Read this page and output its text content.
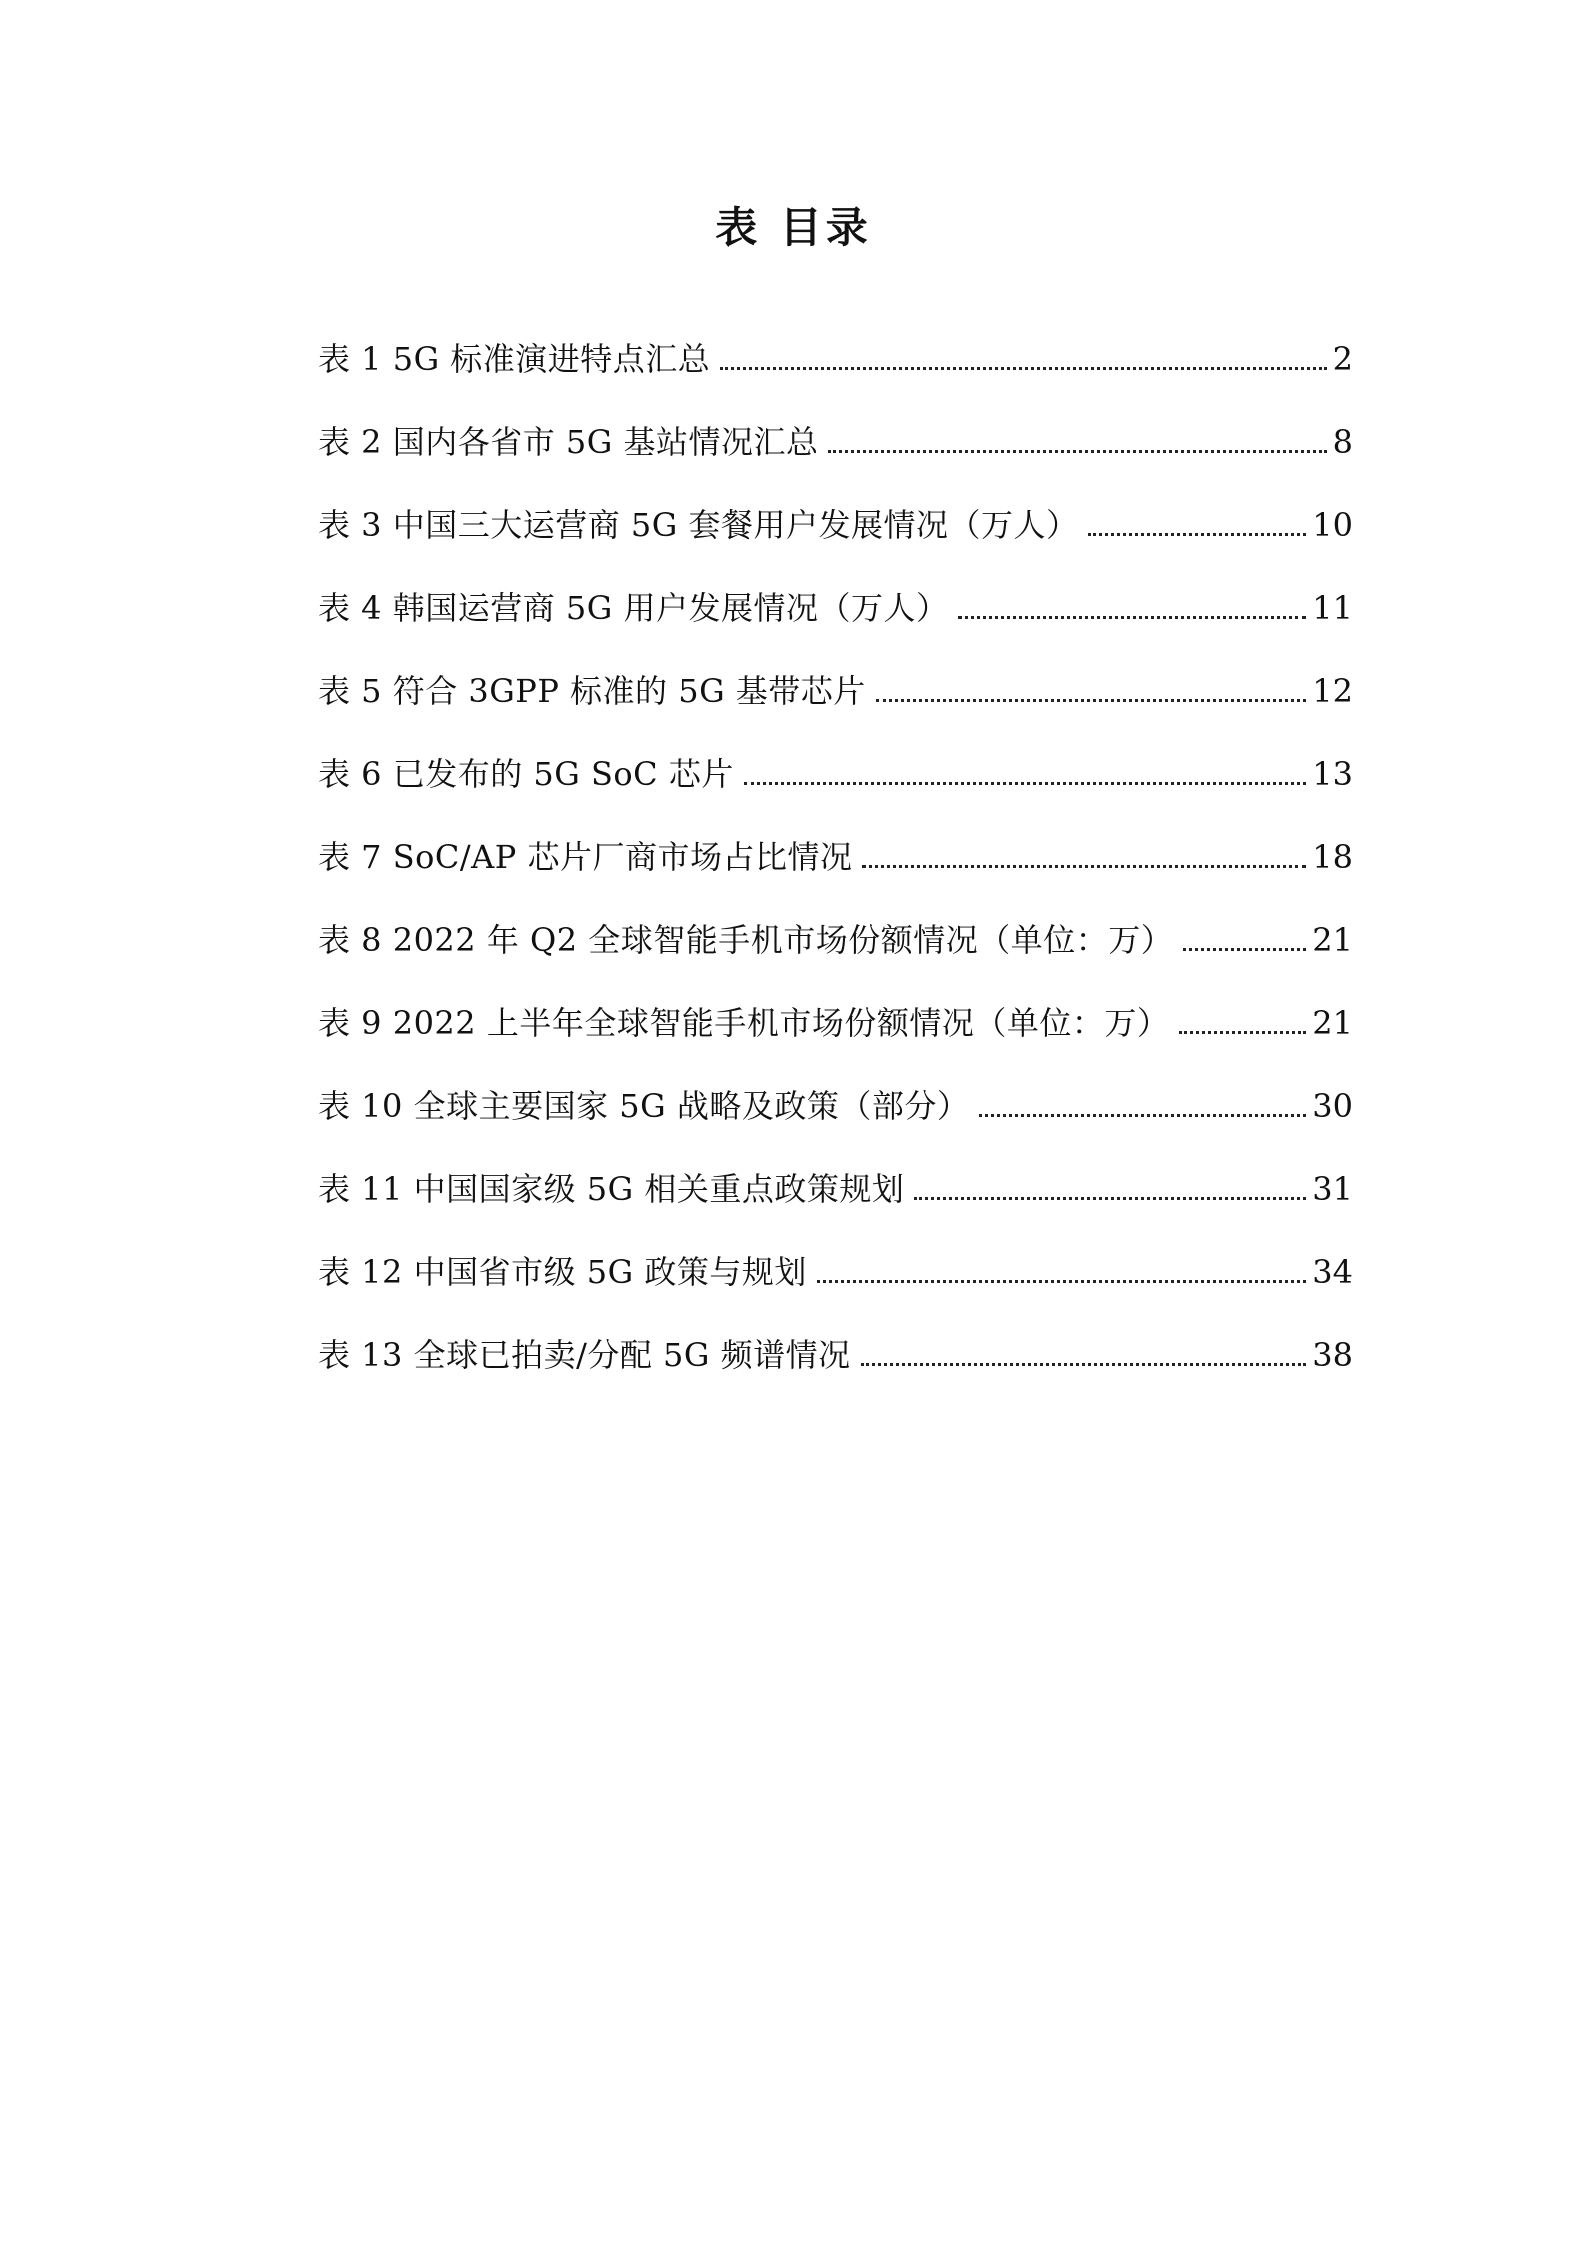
表 目录
表 1 5G 标准演进特点汇总	2
表 2 国内各省市 5G 基站情况汇总	8
表 3 中国三大运营商 5G 套餐用户发展情况（万人）	10
表 4 韩国运营商 5G 用户发展情况（万人）	11
表 5 符合 3GPP 标准的 5G 基带芯片	12
表 6 已发布的 5G SoC 芯片	13
表 7 SoC/AP 芯片厂商市场占比情况	18
表 8 2022 年 Q2 全球智能手机市场份额情况（单位：万）	21
表 9 2022 上半年全球智能手机市场份额情况（单位：万）	21
表 10 全球主要国家 5G 战略及政策（部分）	30
表 11 中国国家级 5G 相关重点政策规划	31
表 12 中国省市级 5G 政策与规划	34
表 13 全球已拍卖/分配 5G 频谱情况	38
